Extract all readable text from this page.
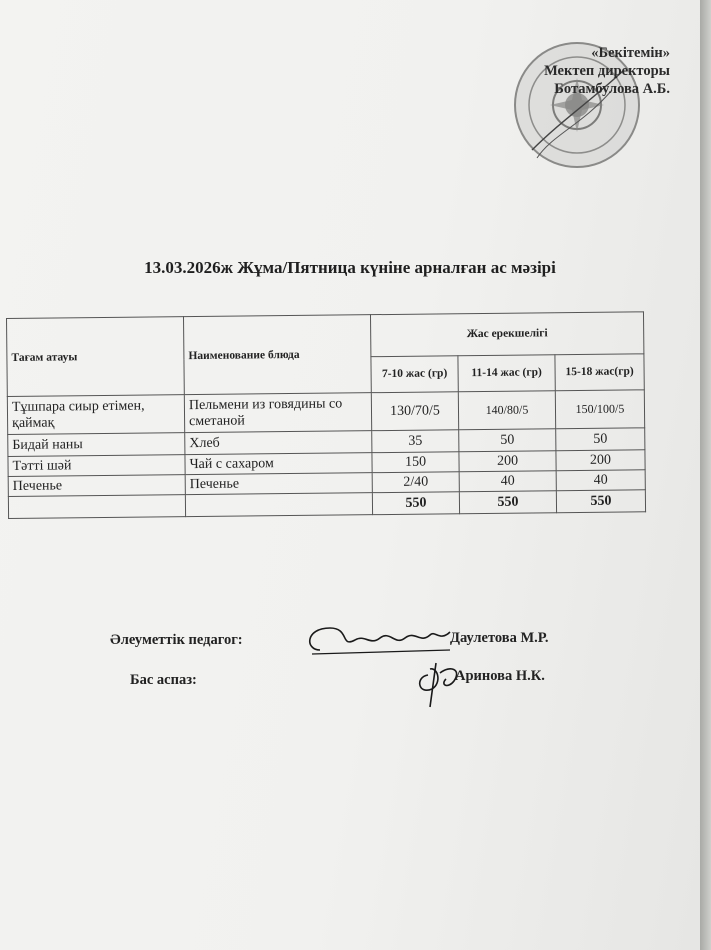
«Бекітемін»
Мектеп директоры
Ботамбулова А.Б.
13.03.2026ж Жұма/Пятница күніне арналған ас мәзірі
Тағам атауы	Наименование блюда	Жас ерекшелігі		
		7-10 жас (гр)	11-14 жас (гр)	15-18 жас(гр)
Тұшпара сиыр етімен, қаймақ	Пельмени из говядины со сметаной	130/70/5	140/80/5	150/100/5
Бидай наны	Хлеб	35	50	50
Тәтті шәй	Чай с сахаром	150	200	200
Печенье	Печенье	2/40	40	40
		550	550	550
Әлеуметтік педагог:	Даулетова М.Р.
Бас аспаз:	Аринова Н.К.
